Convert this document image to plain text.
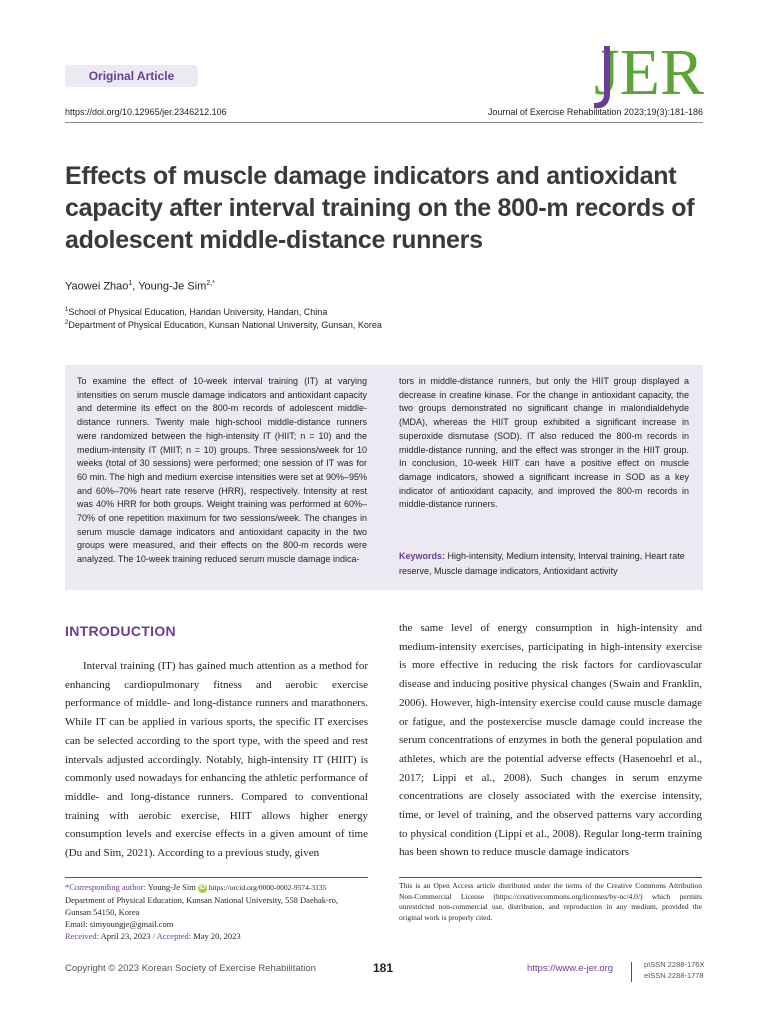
Original Article	JER
https://doi.org/10.12965/jer.2346212.106	Journal of Exercise Rehabilitation 2023;19(3):181-186
Effects of muscle damage indicators and antioxidant capacity after interval training on the 800-m records of adolescent middle-distance runners
Yaowei Zhao$^1$, Young-Je Sim$^{2,*}$
$^1$School of Physical Education, Handan University, Handan, China
$^2$Department of Physical Education, Kunsan National University, Gunsan, Korea

To examine the effect of 10-week interval training (IT) at varying intensities on serum muscle damage indicators and antioxidant capacity and determine its effect on the 800-m records of adolescent middle-distance runners. Twenty male high-school middle-distance runners were randomized between the high-intensity IT (HIIT; n = 10) and the medium-intensity IT (MIIT; n = 10) groups. Three sessions/week for 10 weeks (total of 30 sessions) were performed; one session of IT was for 60 min. The high and medium exercise intensities were set at 90%–95% and 60%–70% heart rate reserve (HRR), respectively. Intensity at rest was 40% HRR for both groups. Weight training was performed at 60%–70% of one repetition maximum for two sessions/week. The changes in serum muscle damage indicators and antioxidant capacity in the two groups were measured, and their effects on the 800-m records were analyzed. The 10-week training reduced serum muscle damage indica-

tors in middle-distance runners, but only the HIIT group displayed a decrease in creatine kinase. For the change in antioxidant capacity, the two groups demonstrated no significant change in malondialdehyde (MDA), whereas the HIIT group exhibited a significant increase in superoxide dismutase (SOD). IT also reduced the 800-m records in middle-distance running, and the effect was stronger in the HIIT group. In conclusion, 10-week HIIT can have a positive effect on muscle damage indicators, showed a significant increase in SOD as a key indicator of antioxidant capacity, and improved the 800-m records in middle-distance runners.

Keywords: High-intensity, Medium intensity, Interval training, Heart rate reserve, Muscle damage indicators, Antioxidant activity

INTRODUCTION

Interval training (IT) has gained much attention as a method for enhancing cardiopulmonary fitness and aerobic exercise performance of middle- and long-distance runners and marathoners. While IT can be applied in various sports, the specific IT exercises can be selected according to the sport type, with the speed and rest intervals adjusted accordingly. Notably, high-intensity IT (HIIT) is commonly used nowadays for enhancing the athletic performance of middle- and long-distance runners. Compared to conventional training with aerobic exercise, HIIT allows higher energy consumption levels and exercise effects in a given amount of time (Du and Sim, 2021). According to a previous study, given

the same level of energy consumption in high-intensity and medium-intensity exercises, participating in high-intensity exercise is more effective in reducing the risk factors for cardiovascular disease and inducing positive physical changes (Swain and Franklin, 2006). However, high-intensity exercise could cause muscle damage or fatigue, and the postexercise muscle damage could increase the serum concentrations of enzymes in both the general population and athletes, which are the potential adverse effects (Hasenoehrl et al., 2017; Lippi et al., 2008). Such changes in serum enzyme concentrations are closely associated with the exercise intensity, time, or level of training, and the observed patterns vary according to physical condition (Lippi et al., 2008). Regular long-term training has been shown to reduce muscle damage indicators

*Corresponding author: Young-Je Sim iD https://orcid.org/0000-0002-9574-3135
Department of Physical Education, Kunsan National University, 558 Daehak-ro,
Gunsan 54150, Korea
Email: simyoungje@gmail.com
Received: April 23, 2023 / Accepted: May 20, 2023

This is an Open Access article distributed under the terms of the Creative Commons Attribution Non-Commercial License (https://creativecommons.org/licenses/by-nc/4.0/) which permits unrestricted non-commercial use, distribution, and reproduction in any medium, provided the original work is properly cited.

Copyright © 2023 Korean Society of Exercise Rehabilitation	181	https://www.e-jer.org	pISSN 2288-176X
eISSN 2288-1778
